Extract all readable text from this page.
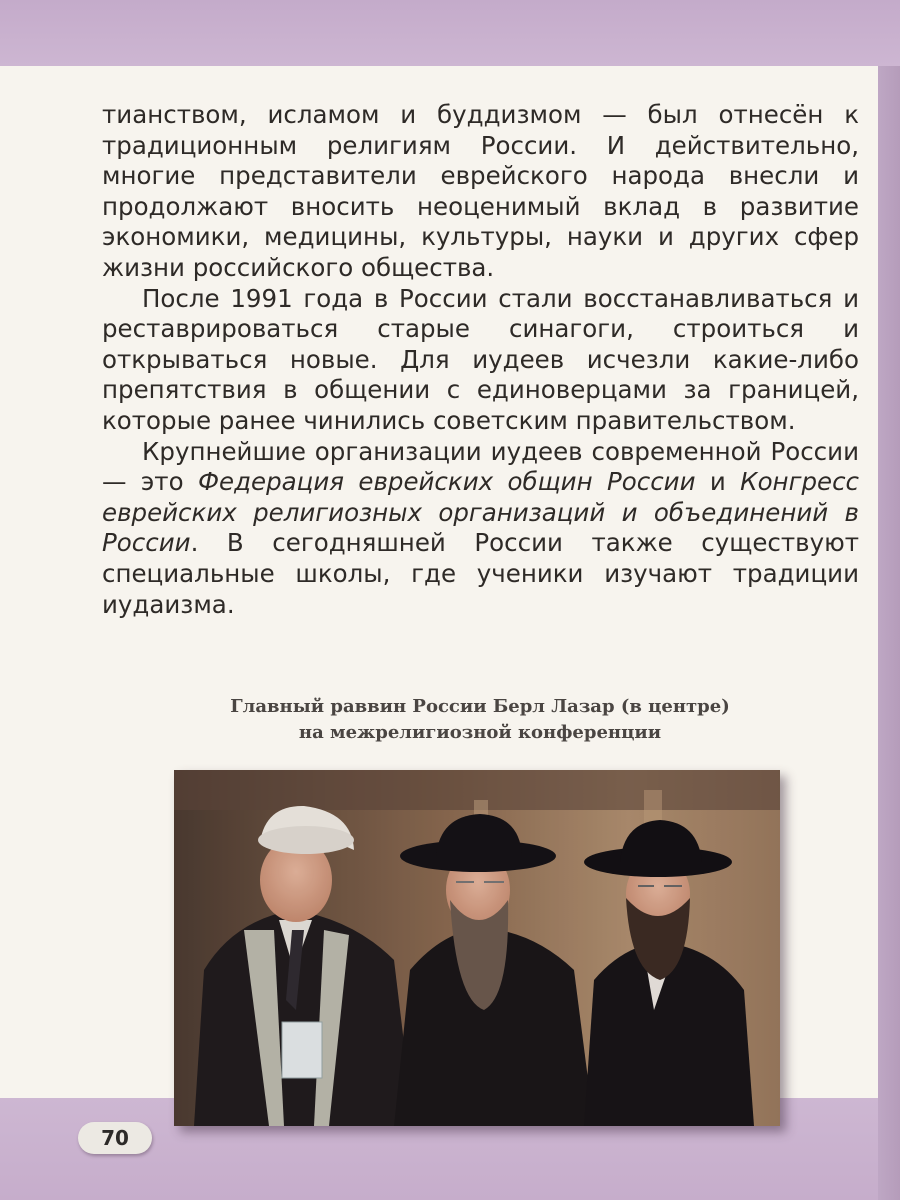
тианством, исламом и буддизмом — был отнесён к традиционным религиям России. И действительно, многие представители еврейского народа внесли и продолжают вносить неоценимый вклад в развитие экономики, медицины, культуры, науки и других сфер жизни российского общества.

После 1991 года в России стали восстанавливаться и реставрироваться старые синагоги, строиться и открываться новые. Для иудеев исчезли какие-либо препятствия в общении с единоверцами за границей, которые ранее чинились советским правительством.

Крупнейшие организации иудеев современной России — это Федерация еврейских общин России и Конгресс еврейских религиозных организаций и объединений в России. В сегодняшней России также существуют специальные школы, где ученики изучают традиции иудаизма.

Главный раввин России Берл Лазар (в центре)
на межрелигиозной конференции
70
